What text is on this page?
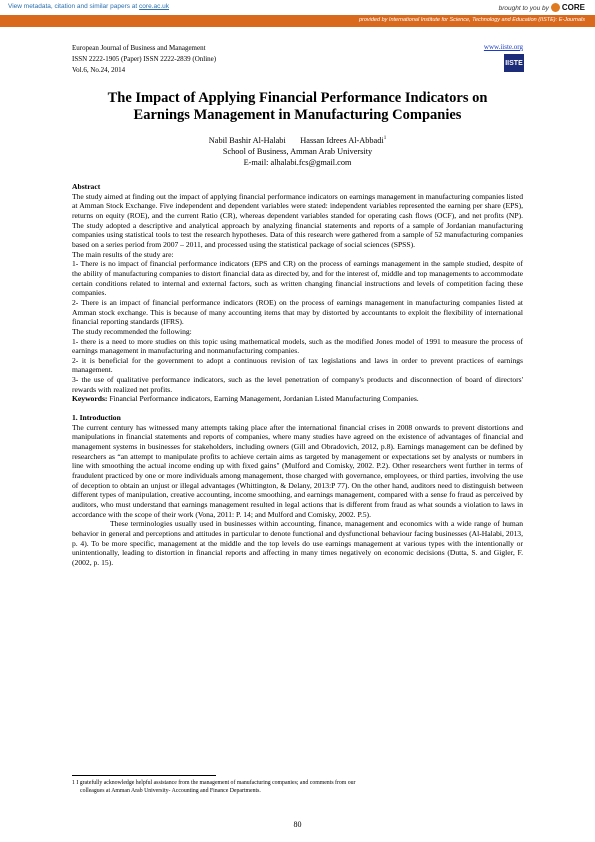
View metadata, citation and similar papers at core.ac.uk	brought to you by CORE
provided by International Institute for Science, Technology and Education (IISTE): E-Journals
European Journal of Business and Management
ISSN 2222-1905 (Paper) ISSN 2222-2839 (Online)
Vol.6, No.24, 2014
www.iiste.org
IISTE
The Impact of Applying Financial Performance Indicators on
Earnings Management in Manufacturing Companies
Nabil Bashir Al-Halabi       Hassan Idrees Al-Abbadi$^1$
School of Business, Amman Arab University
E-mail: alhalabi.fcs@gmail.com

Abstract

The study aimed at finding out the impact of applying financial performance indicators on earnings management in manufacturing companies listed at Amman Stock Exchange. Five independent and dependent variables were stated: independent variables represented the earning per share (EPS), returns on equity (ROE), and the current Ratio (CR), whereas dependent variables standed for operating cash flows (OCF), and net profits (NP). The study adopted a descriptive and analytical approach by analyzing financial statements and reports of a sample of Jordanian manufacturing companies using statistical tools to test the research hypotheses. Data of this research were gathered from a sample of 52 manufacturing companies based on a series period from 2007 – 2011, and processed using the statistical package of social sciences (SPSS).

The main results of the study are:

1- There is no impact of financial performance indicators (EPS and CR) on the process of earnings management in the sample studied, despite of the ability of manufacturing companies to distort financial data as directed by, and for the interest of, middle and top managements to accommodate certain conditions related to internal and external factors, such as written changing financial instructions and levels of competition facing these companies.

2- There is an impact of financial performance indicators (ROE) on the process of earnings management in manufacturing companies listed at Amman stock exchange. This is because of many accounting items that may by distorted by accountants to exploit the flexibility of international financial reporting standards (IFRS).

The study recommended the following:

1- there is a need to more studies on this topic using mathematical models, such as the modified Jones model of 1991 to measure the process of earnings management in manufacturing and nonmanufacturing companies.

2- it is beneficial for the government to adopt a continuous revision of tax legislations and laws in order to prevent practices of earnings management.

3- the use of qualitative performance indicators, such as the level penetration of company's products and disconnection of board of directors' rewards with realized net profits.

Keywords: Financial Performance indicators, Earning Management, Jordanian Listed Manufacturing Companies.

1. Introduction

The current century has witnessed many attempts taking place after the international financial crises in 2008 onwards to prevent distortions and manipulations in financial statements and reports of companies, where many studies have agreed on the existence of advantages of financial and management systems in businesses for stakeholders, including owners (Gill and Obradovich, 2012, p.8). Earnings management can be defined by researchers as “an attempt to manipulate profits to achieve certain aims as targeted by management or expectations set by analysts or numbers in line with smoothing the actual income ending up with fixed gains" (Mulford and Comisky, 2002. P.2). Other researchers went further in terms of fraudulent practiced by one or more individuals among management, those charged with governance, employees, or third parties, involving the use of deception to obtain an unjust or illegal advantages (Whittington, & Delany, 2013:P 77). On the other hand, auditors need to distinguish between different types of manipulation, creative accounting, income smoothing, and earnings management, compared with a sense fo fraud as perceived by auditors, who must understand that earnings management resulted in legal actions that is different from fraud as what sounds a violation to laws in accordance with the scope of their work (Vona, 2011: P. 14; and Mulford and Comisky, 2002. P.5).

These terminologies usually used in businesses within accounting, finance, management and economics with a wide range of human behavior in general and perceptions and attitudes in particular to denote functional and dysfunctional behaviour facing businesses (Al-Halabi, 2013, p. 4). To be more specific, management at the middle and the top levels do use earnings management at various types with the intentionally or unintentionally, leading to distortion in financial reports and affecting in many times negatively on economic decisions (Dutta, S. and Gigler, F. (2002, p. 15).

1 I gratefully acknowledge helpful assistance from the management of manufacturing companies; and comments from our
colleagues at Amman Arab University- Accounting and Finance Departments.
80
